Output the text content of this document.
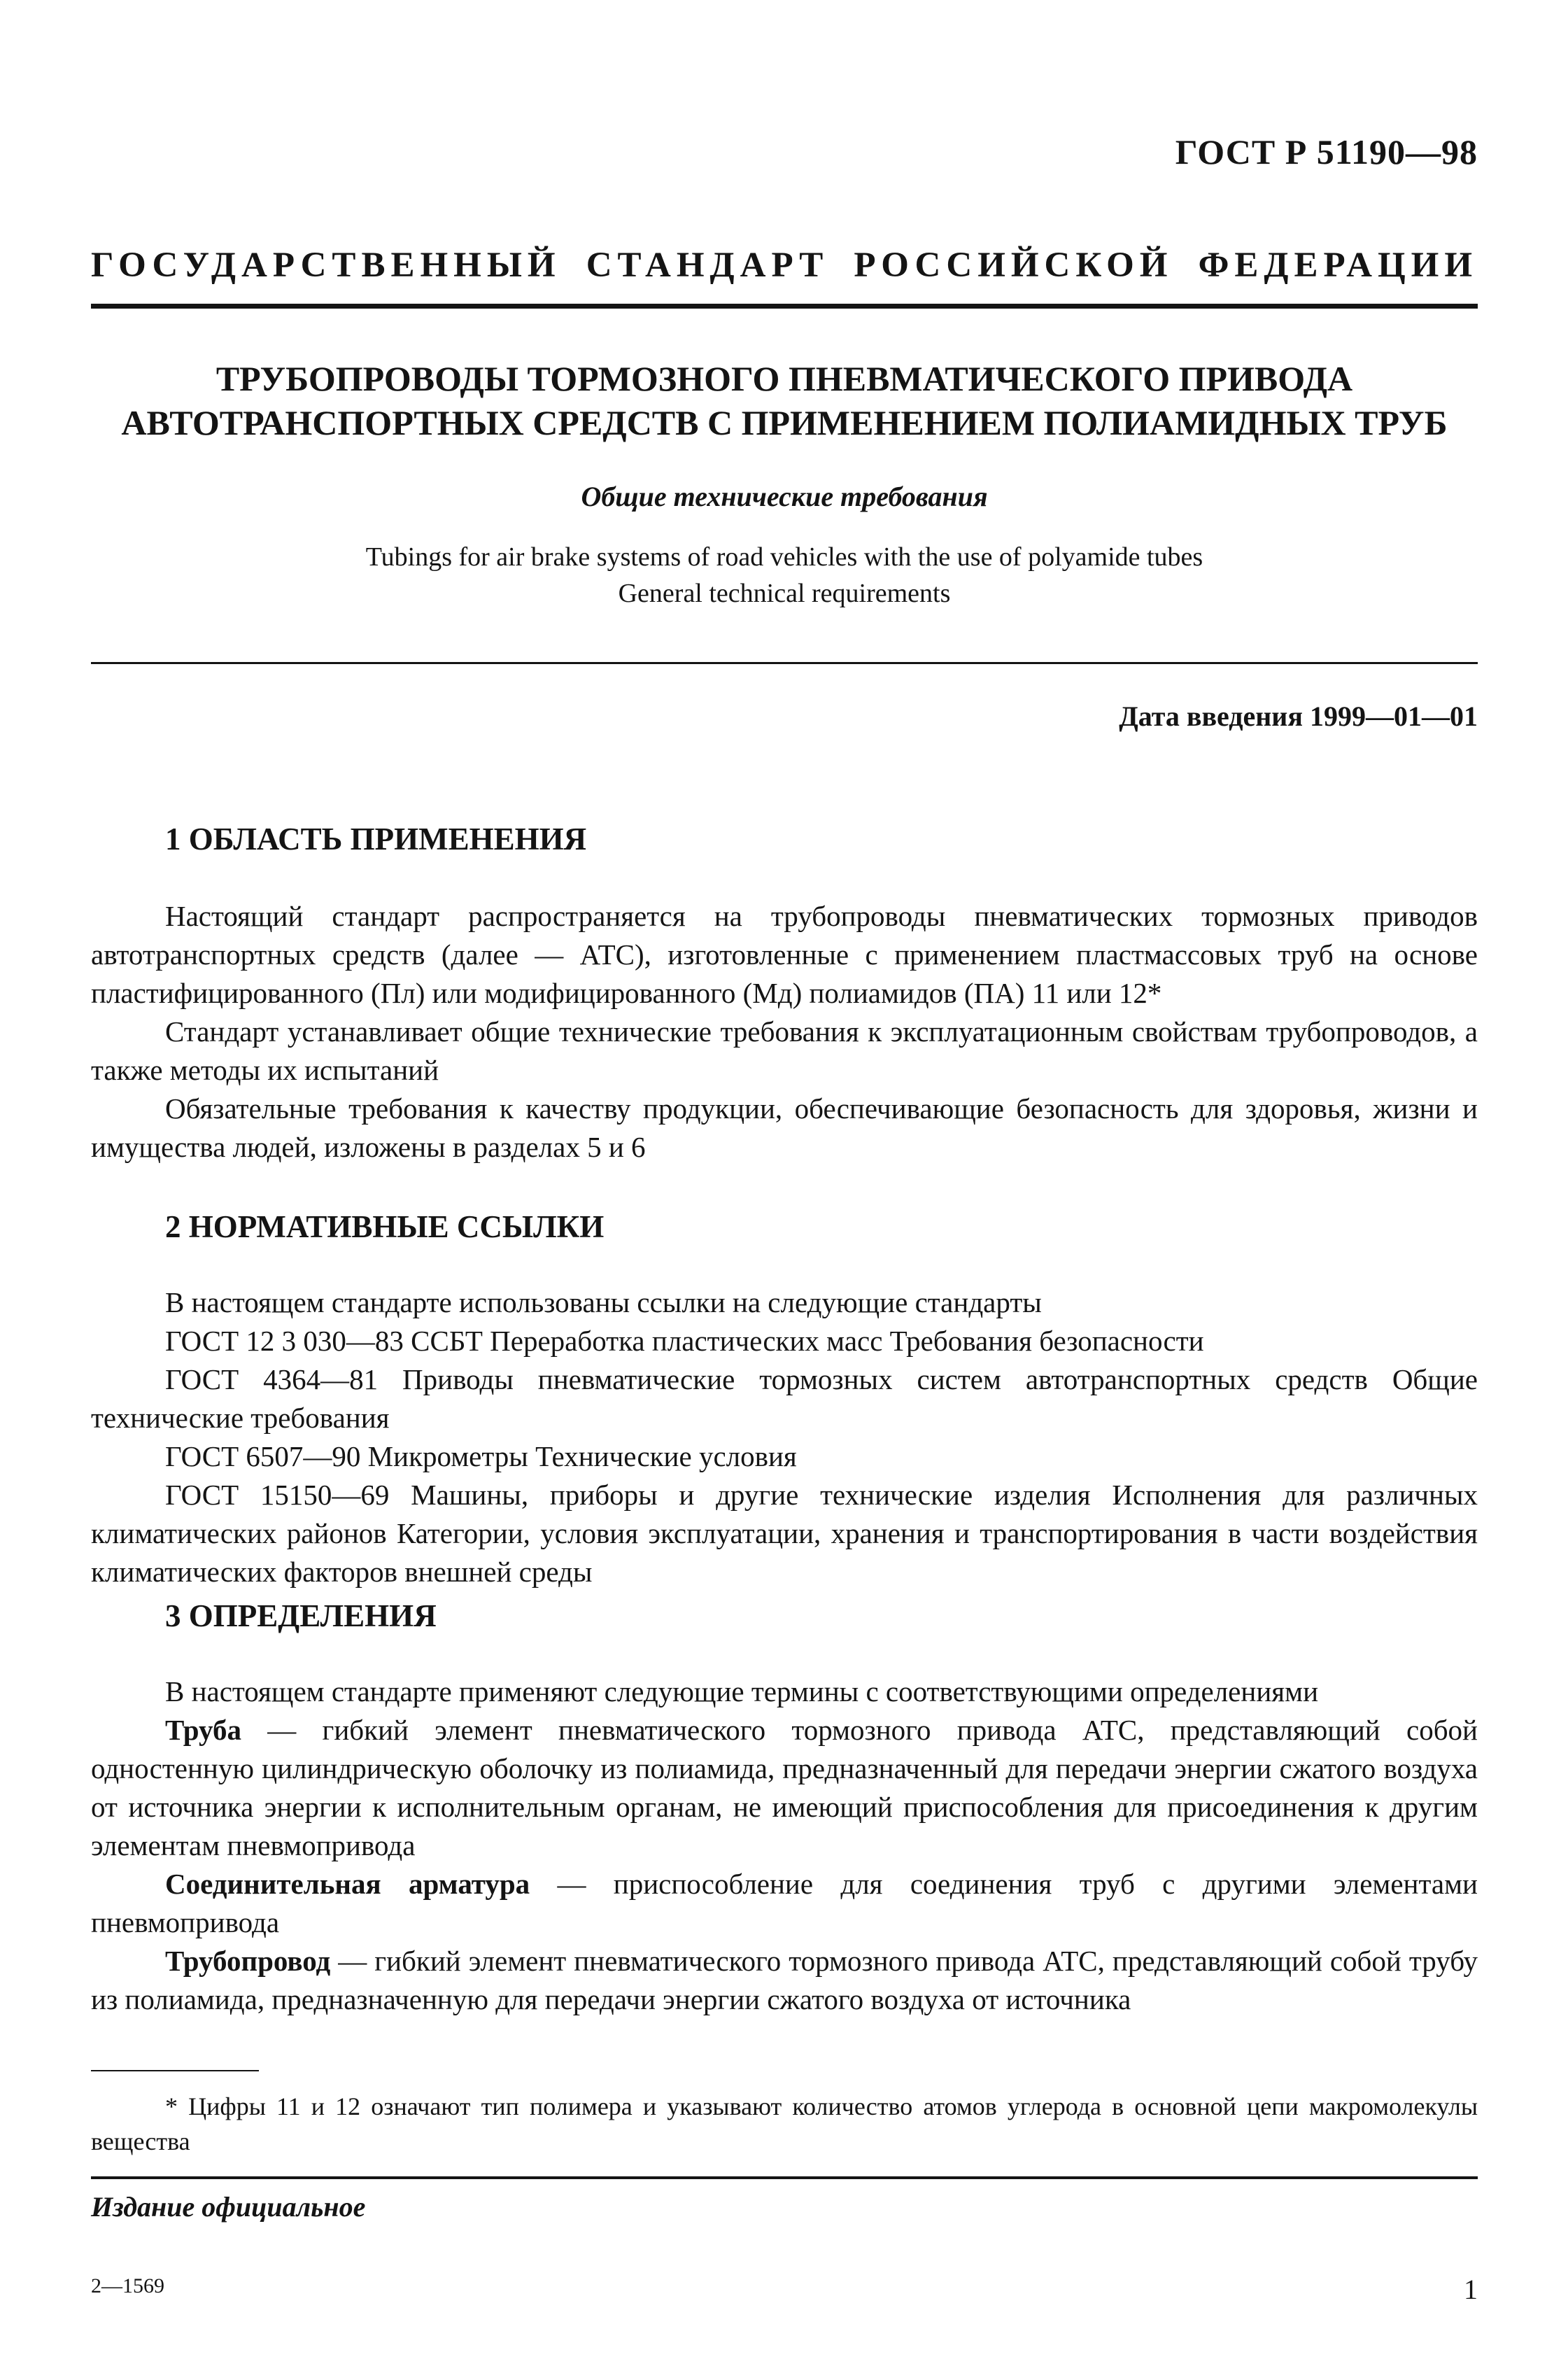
ГОСТ Р 51190—98
ГОСУДАРСТВЕННЫЙ СТАНДАРТ РОССИЙСКОЙ ФЕДЕРАЦИИ
ТРУБОПРОВОДЫ ТОРМОЗНОГО ПНЕВМАТИЧЕСКОГО ПРИВОДА
АВТОТРАНСПОРТНЫХ СРЕДСТВ С ПРИМЕНЕНИЕМ ПОЛИАМИДНЫХ ТРУБ
Общие технические требования
Tubings for air brake systems of road vehicles with the use of polyamide tubes
General technical requirements
Дата введения 1999—01—01
1 ОБЛАСТЬ ПРИМЕНЕНИЯ

Настоящий стандарт распространяется на трубопроводы пневматических тормозных приводов автотранспортных средств (далее — АТС), изготовленные с применением пластмассовых труб на основе пластифицированного (Пл) или модифицированного (Мд) полиамидов (ПА) 11 или 12*

Стандарт устанавливает общие технические требования к эксплуатационным свойствам трубопроводов, а также методы их испытаний

Обязательные требования к качеству продукции, обеспечивающие безопасность для здоровья, жизни и имущества людей, изложены в разделах 5 и 6

2 НОРМАТИВНЫЕ ССЫЛКИ

В настоящем стандарте использованы ссылки на следующие стандарты

ГОСТ 12 3 030—83 ССБТ Переработка пластических масс Требования безопасности

ГОСТ 4364—81 Приводы пневматические тормозных систем автотранспортных средств Общие технические требования

ГОСТ 6507—90 Микрометры Технические условия

ГОСТ 15150—69 Машины, приборы и другие технические изделия Исполнения для различных климатических районов Категории, условия эксплуатации, хранения и транспортирования в части воздействия климатических факторов внешней среды

3 ОПРЕДЕЛЕНИЯ

В настоящем стандарте применяют следующие термины с соответствующими определениями

Труба — гибкий элемент пневматического тормозного привода АТС, представляющий собой одностенную цилиндрическую оболочку из полиамида, предназначенный для передачи энергии сжатого воздуха от источника энергии к исполнительным органам, не имеющий приспособления для присоединения к другим элементам пневмопривода

Соединительная арматура — приспособление для соединения труб с другими элементами пневмопривода

Трубопровод — гибкий элемент пневматического тормозного привода АТС, представляющий собой трубу из полиамида, предназначенную для передачи энергии сжатого воздуха от источника

* Цифры 11 и 12 означают тип полимера и указывают количество атомов углерода в основной цепи макромолекулы вещества

Издание официальное
2—1569	1
